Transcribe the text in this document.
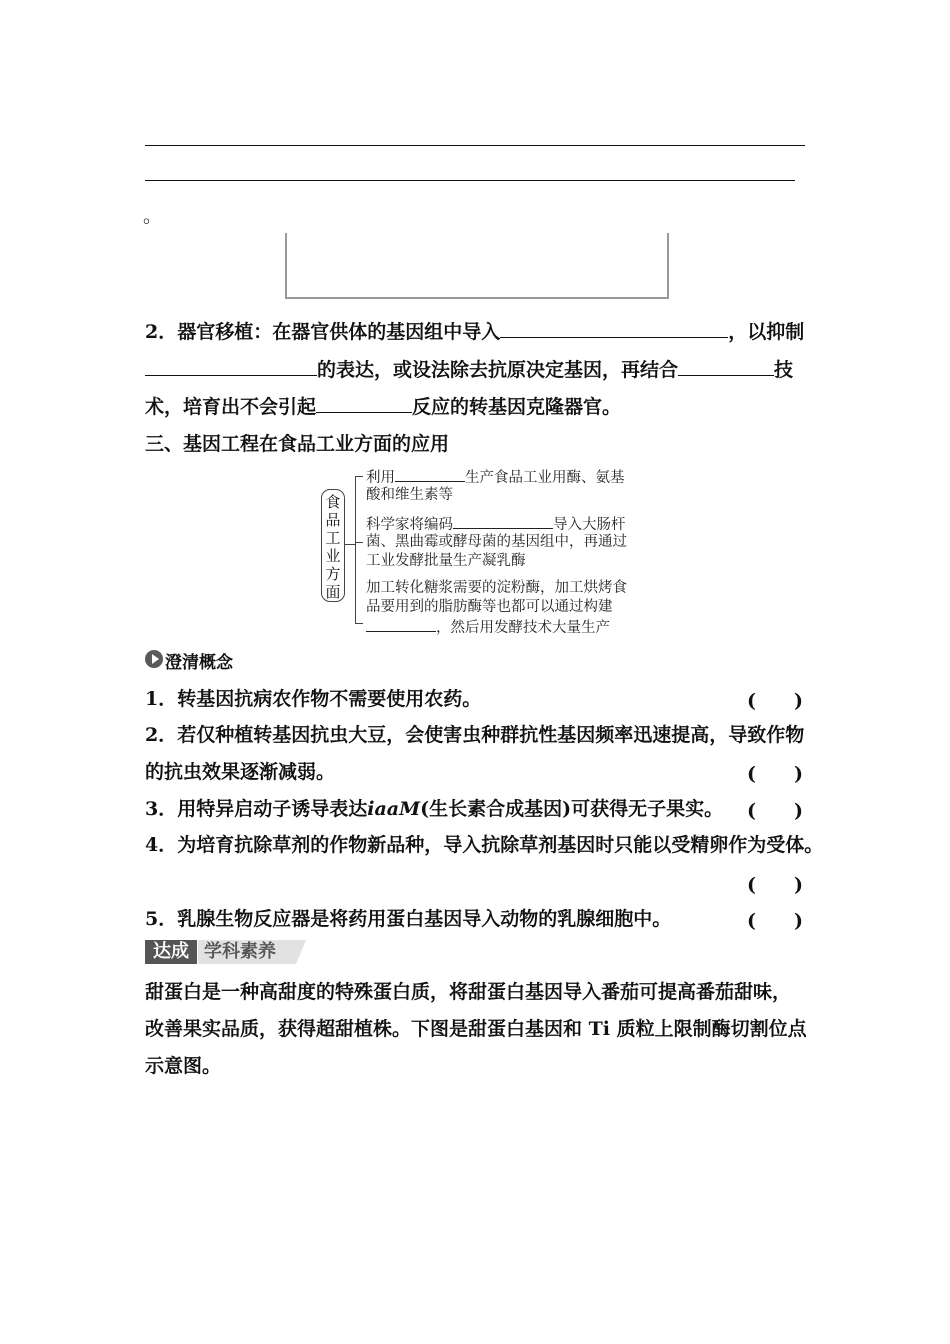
。
2．器官移植：在器官供体的基因组中导入	，以抑制
的表达，或设法除去抗原决定基因，再结合	技
术，培育出不会引起	反应的转基因克隆器官。
三、基因工程在食品工业方面的应用
食
品
工
业
方
面
利用	生产食品工业用酶、氨基
酸和维生素等
科学家将编码	导入大肠杆
菌、黑曲霉或酵母菌的基因组中，再通过
工业发酵批量生产凝乳酶
加工转化糖浆需要的淀粉酶，加工烘烤食
品要用到的脂肪酶等也都可以通过构建
，然后用发酵技术大量生产
澄清概念
1．转基因抗病农作物不需要使用农药。	(　　)
2．若仅种植转基因抗虫大豆，会使害虫种群抗性基因频率迅速提高，导致作物
的抗虫效果逐渐减弱。	(　　)
3．用特异启动子诱导表达iaaM(生长素合成基因)可获得无子果实。 (　　)
4．为培育抗除草剂的作物新品种，导入抗除草剂基因时只能以受精卵作为受体。
(　　)
5．乳腺生物反应器是将药用蛋白基因导入动物的乳腺细胞中。	(　　)
达成 学科素养
甜蛋白是一种高甜度的特殊蛋白质，将甜蛋白基因导入番茄可提高番茄甜味，
改善果实品质，获得超甜植株。下图是甜蛋白基因和 Ti 质粒上限制酶切割位点
示意图。
